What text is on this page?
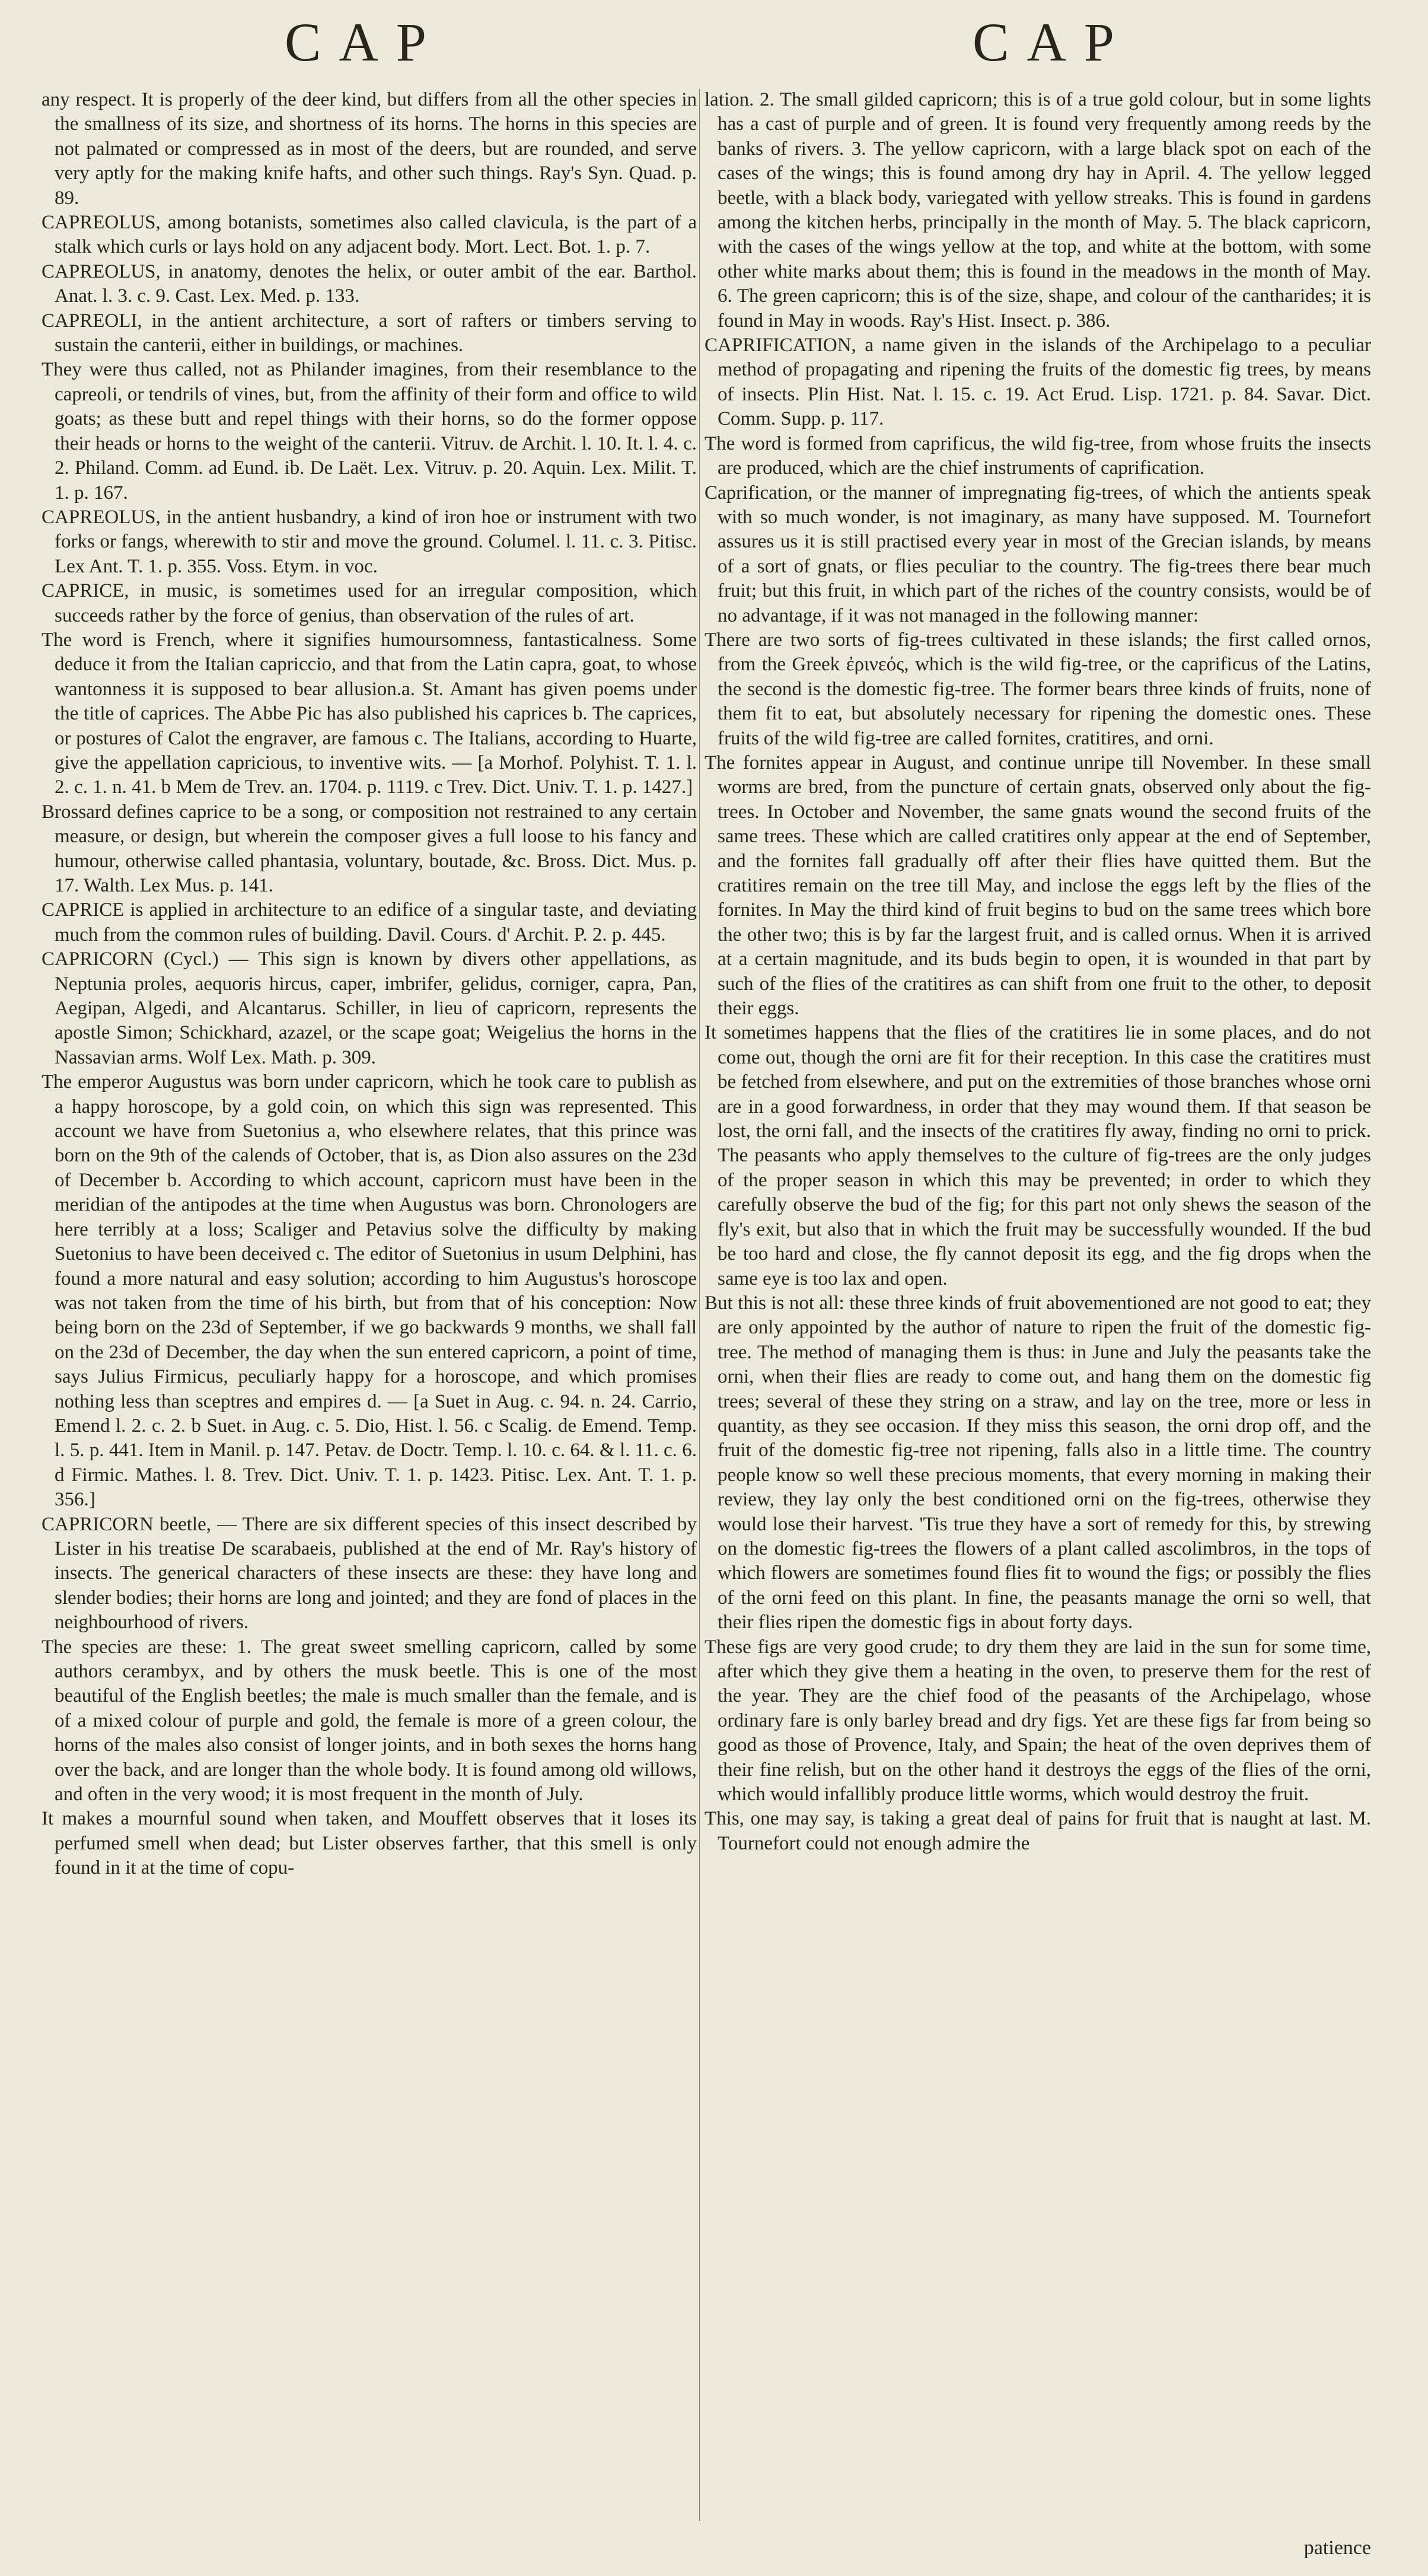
CAP	CAP

any respect. It is properly of the deer kind, but differs from all the other species in the smallness of its size, and shortness of its horns. The horns in this species are not palmated or compressed as in most of the deers, but are rounded, and serve very aptly for the making knife hafts, and other such things. Ray's Syn. Quad. p. 89.

CAPREOLUS, among botanists, sometimes also called clavicula, is the part of a stalk which curls or lays hold on any adjacent body. Mort. Lect. Bot. 1. p. 7.

CAPREOLUS, in anatomy, denotes the helix, or outer ambit of the ear. Barthol. Anat. l. 3. c. 9. Cast. Lex. Med. p. 133.

CAPREOLI, in the antient architecture, a sort of rafters or timbers serving to sustain the canterii, either in buildings, or machines.

They were thus called, not as Philander imagines, from their resemblance to the capreoli, or tendrils of vines, but, from the affinity of their form and office to wild goats; as these butt and repel things with their horns, so do the former oppose their heads or horns to the weight of the canterii. Vitruv. de Archit. l. 10. It. l. 4. c. 2. Philand. Comm. ad Eund. ib. De Laët. Lex. Vitruv. p. 20. Aquin. Lex. Milit. T. 1. p. 167.

CAPREOLUS, in the antient husbandry, a kind of iron hoe or instrument with two forks or fangs, wherewith to stir and move the ground. Columel. l. 11. c. 3. Pitisc. Lex Ant. T. 1. p. 355. Voss. Etym. in voc.

CAPRICE, in music, is sometimes used for an irregular composition, which succeeds rather by the force of genius, than observation of the rules of art.

The word is French, where it signifies humoursomness, fantasticalness. Some deduce it from the Italian capriccio, and that from the Latin capra, goat, to whose wantonness it is supposed to bear allusion.a. St. Amant has given poems under the title of caprices. The Abbe Pic has also published his caprices b. The caprices, or postures of Calot the engraver, are famous c. The Italians, according to Huarte, give the appellation capricious, to inventive wits. — [a Morhof. Polyhist. T. 1. l. 2. c. 1. n. 41. b Mem de Trev. an. 1704. p. 1119. c Trev. Dict. Univ. T. 1. p. 1427.]

Brossard defines caprice to be a song, or composition not restrained to any certain measure, or design, but wherein the composer gives a full loose to his fancy and humour, otherwise called phantasia, voluntary, boutade, &c. Bross. Dict. Mus. p. 17. Walth. Lex Mus. p. 141.

CAPRICE is applied in architecture to an edifice of a singular taste, and deviating much from the common rules of building. Davil. Cours. d' Archit. P. 2. p. 445.

CAPRICORN (Cycl.) — This sign is known by divers other appellations, as Neptunia proles, aequoris hircus, caper, imbrifer, gelidus, corniger, capra, Pan, Aegipan, Algedi, and Alcantarus. Schiller, in lieu of capricorn, represents the apostle Simon; Schickhard, azazel, or the scape goat; Weigelius the horns in the Nassavian arms. Wolf Lex. Math. p. 309.

The emperor Augustus was born under capricorn, which he took care to publish as a happy horoscope, by a gold coin, on which this sign was represented. This account we have from Suetonius a, who elsewhere relates, that this prince was born on the 9th of the calends of October, that is, as Dion also assures on the 23d of December b. According to which account, capricorn must have been in the meridian of the antipodes at the time when Augustus was born. Chronologers are here terribly at a loss; Scaliger and Petavius solve the difficulty by making Suetonius to have been deceived c. The editor of Suetonius in usum Delphini, has found a more natural and easy solution; according to him Augustus's horoscope was not taken from the time of his birth, but from that of his conception: Now being born on the 23d of September, if we go backwards 9 months, we shall fall on the 23d of December, the day when the sun entered capricorn, a point of time, says Julius Firmicus, peculiarly happy for a horoscope, and which promises nothing less than sceptres and empires d. — [a Suet in Aug. c. 94. n. 24. Carrio, Emend l. 2. c. 2. b Suet. in Aug. c. 5. Dio, Hist. l. 56. c Scalig. de Emend. Temp. l. 5. p. 441. Item in Manil. p. 147. Petav. de Doctr. Temp. l. 10. c. 64. & l. 11. c. 6. d Firmic. Mathes. l. 8. Trev. Dict. Univ. T. 1. p. 1423. Pitisc. Lex. Ant. T. 1. p. 356.]

CAPRICORN beetle, — There are six different species of this insect described by Lister in his treatise De scarabaeis, published at the end of Mr. Ray's history of insects. The generical characters of these insects are these: they have long and slender bodies; their horns are long and jointed; and they are fond of places in the neighbourhood of rivers.

The species are these: 1. The great sweet smelling capricorn, called by some authors cerambyx, and by others the musk beetle. This is one of the most beautiful of the English beetles; the male is much smaller than the female, and is of a mixed colour of purple and gold, the female is more of a green colour, the horns of the males also consist of longer joints, and in both sexes the horns hang over the back, and are longer than the whole body. It is found among old willows, and often in the very wood; it is most frequent in the month of July.

It makes a mournful sound when taken, and Mouffett observes that it loses its perfumed smell when dead; but Lister observes farther, that this smell is only found in it at the time of copu-

lation. 2. The small gilded capricorn; this is of a true gold colour, but in some lights has a cast of purple and of green. It is found very frequently among reeds by the banks of rivers. 3. The yellow capricorn, with a large black spot on each of the cases of the wings; this is found among dry hay in April. 4. The yellow legged beetle, with a black body, variegated with yellow streaks. This is found in gardens among the kitchen herbs, principally in the month of May. 5. The black capricorn, with the cases of the wings yellow at the top, and white at the bottom, with some other white marks about them; this is found in the meadows in the month of May. 6. The green capricorn; this is of the size, shape, and colour of the cantharides; it is found in May in woods. Ray's Hist. Insect. p. 386.

CAPRIFICATION, a name given in the islands of the Archipelago to a peculiar method of propagating and ripening the fruits of the domestic fig trees, by means of insects. Plin Hist. Nat. l. 15. c. 19. Act Erud. Lisp. 1721. p. 84. Savar. Dict. Comm. Supp. p. 117.

The word is formed from caprificus, the wild fig-tree, from whose fruits the insects are produced, which are the chief instruments of caprification.

Caprification, or the manner of impregnating fig-trees, of which the antients speak with so much wonder, is not imaginary, as many have supposed. M. Tournefort assures us it is still practised every year in most of the Grecian islands, by means of a sort of gnats, or flies peculiar to the country. The fig-trees there bear much fruit; but this fruit, in which part of the riches of the country consists, would be of no advantage, if it was not managed in the following manner:

There are two sorts of fig-trees cultivated in these islands; the first called ornos, from the Greek ἐρινεός, which is the wild fig-tree, or the caprificus of the Latins, the second is the domestic fig-tree. The former bears three kinds of fruits, none of them fit to eat, but absolutely necessary for ripening the domestic ones. These fruits of the wild fig-tree are called fornites, cratitires, and orni.

The fornites appear in August, and continue unripe till November. In these small worms are bred, from the puncture of certain gnats, observed only about the fig-trees. In October and November, the same gnats wound the second fruits of the same trees. These which are called cratitires only appear at the end of September, and the fornites fall gradually off after their flies have quitted them. But the cratitires remain on the tree till May, and inclose the eggs left by the flies of the fornites. In May the third kind of fruit begins to bud on the same trees which bore the other two; this is by far the largest fruit, and is called ornus. When it is arrived at a certain magnitude, and its buds begin to open, it is wounded in that part by such of the flies of the cratitires as can shift from one fruit to the other, to deposit their eggs.

It sometimes happens that the flies of the cratitires lie in some places, and do not come out, though the orni are fit for their reception. In this case the cratitires must be fetched from elsewhere, and put on the extremities of those branches whose orni are in a good forwardness, in order that they may wound them. If that season be lost, the orni fall, and the insects of the cratitires fly away, finding no orni to prick. The peasants who apply themselves to the culture of fig-trees are the only judges of the proper season in which this may be prevented; in order to which they carefully observe the bud of the fig; for this part not only shews the season of the fly's exit, but also that in which the fruit may be successfully wounded. If the bud be too hard and close, the fly cannot deposit its egg, and the fig drops when the same eye is too lax and open.

But this is not all: these three kinds of fruit abovementioned are not good to eat; they are only appointed by the author of nature to ripen the fruit of the domestic fig-tree. The method of managing them is thus: in June and July the peasants take the orni, when their flies are ready to come out, and hang them on the domestic fig trees; several of these they string on a straw, and lay on the tree, more or less in quantity, as they see occasion. If they miss this season, the orni drop off, and the fruit of the domestic fig-tree not ripening, falls also in a little time. The country people know so well these precious moments, that every morning in making their review, they lay only the best conditioned orni on the fig-trees, otherwise they would lose their harvest. 'Tis true they have a sort of remedy for this, by strewing on the domestic fig-trees the flowers of a plant called ascolimbros, in the tops of which flowers are sometimes found flies fit to wound the figs; or possibly the flies of the orni feed on this plant. In fine, the peasants manage the orni so well, that their flies ripen the domestic figs in about forty days.

These figs are very good crude; to dry them they are laid in the sun for some time, after which they give them a heating in the oven, to preserve them for the rest of the year. They are the chief food of the peasants of the Archipelago, whose ordinary fare is only barley bread and dry figs. Yet are these figs far from being so good as those of Provence, Italy, and Spain; the heat of the oven deprives them of their fine relish, but on the other hand it destroys the eggs of the flies of the orni, which would infallibly produce little worms, which would destroy the fruit.

This, one may say, is taking a great deal of pains for fruit that is naught at last. M. Tournefort could not enough admire the

patience
